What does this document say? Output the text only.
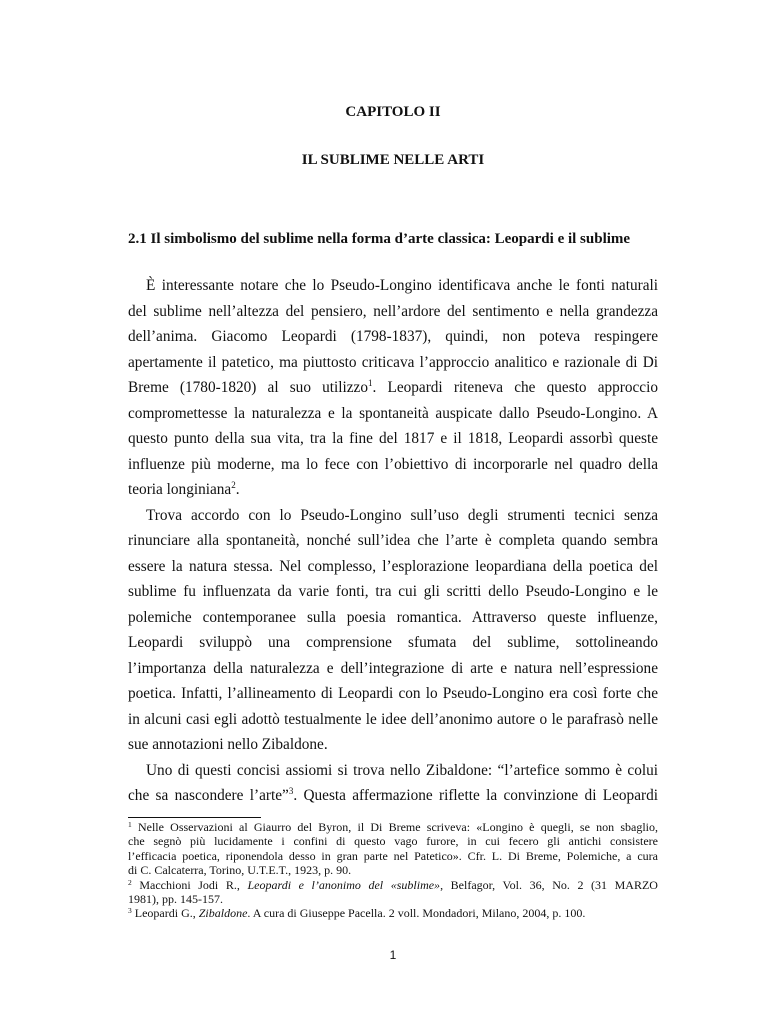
CAPITOLO II
IL SUBLIME NELLE ARTI
2.1 Il simbolismo del sublime nella forma d’arte classica: Leopardi e il sublime
È interessante notare che lo Pseudo-Longino identificava anche le fonti naturali
del sublime nell’altezza del pensiero, nell’ardore del sentimento e nella grandezza
dell’anima. Giacomo Leopardi (1798-1837), quindi, non poteva respingere
apertamente il patetico, ma piuttosto criticava l’approccio analitico e razionale di Di
Breme (1780-1820) al suo utilizzo$^1$. Leopardi riteneva che questo approccio
compromettesse la naturalezza e la spontaneità auspicate dallo Pseudo-Longino. A
questo punto della sua vita, tra la fine del 1817 e il 1818, Leopardi assorbì queste
influenze più moderne, ma lo fece con l’obiettivo di incorporarle nel quadro della
teoria longiniana$^2$.
Trova accordo con lo Pseudo-Longino sull’uso degli strumenti tecnici senza
rinunciare alla spontaneità, nonché sull’idea che l’arte è completa quando sembra
essere la natura stessa. Nel complesso, l’esplorazione leopardiana della poetica del
sublime fu influenzata da varie fonti, tra cui gli scritti dello Pseudo-Longino e le
polemiche contemporanee sulla poesia romantica. Attraverso queste influenze,
Leopardi sviluppò una comprensione sfumata del sublime, sottolineando
l’importanza della naturalezza e dell’integrazione di arte e natura nell’espressione
poetica. Infatti, l’allineamento di Leopardi con lo Pseudo-Longino era così forte che
in alcuni casi egli adottò testualmente le idee dell’anonimo autore o le parafrasò nelle
sue annotazioni nello Zibaldone.
Uno di questi concisi assiomi si trova nello Zibaldone: “l’artefice sommo è colui
che sa nascondere l’arte”$^3$. Questa affermazione riflette la convinzione di Leopardi
$^1$ Nelle Osservazioni al Giaurro del Byron, il Di Breme scriveva: «Longino è quegli, se non sbaglio,
che segnò più lucidamente i confini di questo vago furore, in cui fecero gli antichi consistere
l’efficacia poetica, riponendola desso in gran parte nel Patetico». Cfr. L. Di Breme, Polemiche, a cura
di C. Calcaterra, Torino, U.T.E.T., 1923, p. 90.
$^2$ Macchioni Jodi R., Leopardi e l’anonimo del «sublime», Belfagor, Vol. 36, No. 2 (31 MARZO
1981), pp. 145-157.
$^3$ Leopardi G., Zibaldone. A cura di Giuseppe Pacella. 2 voll. Mondadori, Milano, 2004, p. 100.
1
